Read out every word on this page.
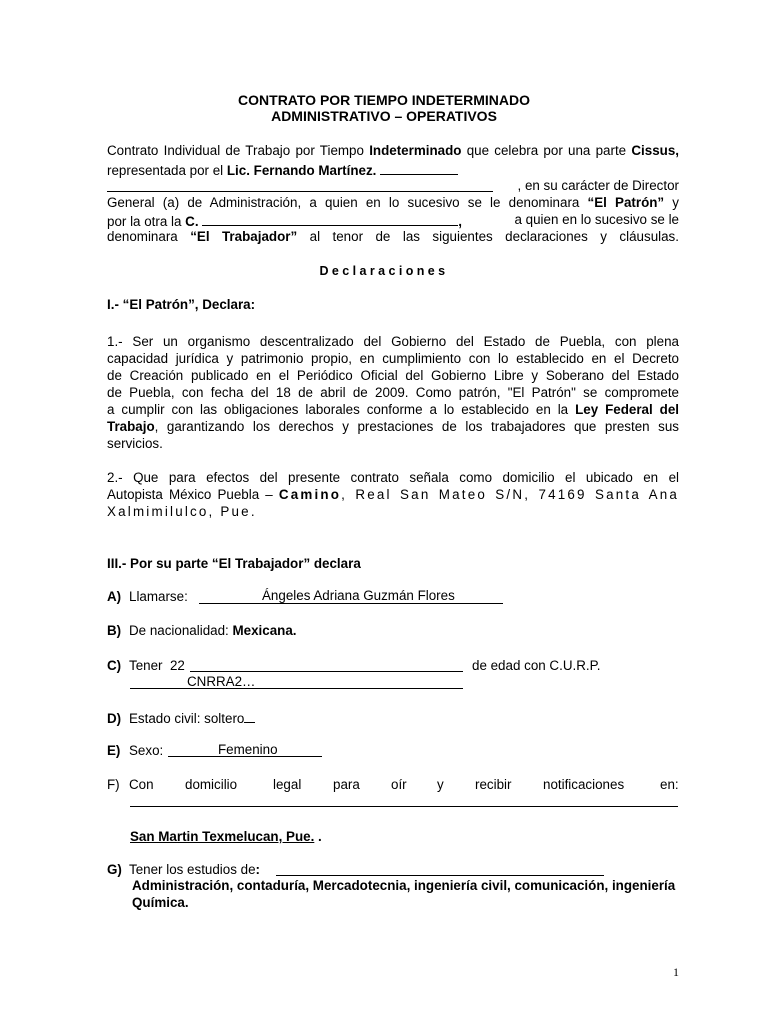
CONTRATO POR TIEMPO INDETERMINADO
ADMINISTRATIVO – OPERATIVOS
Contrato Individual de Trabajo por Tiempo Indeterminado que celebra por una parte Cissus,
representada por el Lic. Fernando Martínez.
, en su carácter de Director
General (a) de Administración, a quien en lo sucesivo se le denominara “El Patrón” y
por la otra la C.	,	a quien en lo sucesivo se le
denominara “El Trabajador” al tenor de las siguientes declaraciones y cláusulas.
Declaraciones
I.- “El Patrón”, Declara:
1.- Ser un organismo descentralizado del Gobierno del Estado de Puebla, con plena
capacidad jurídica y patrimonio propio, en cumplimiento con lo establecido en el Decreto
de Creación publicado en el Periódico Oficial del Gobierno Libre y Soberano del Estado
de Puebla, con fecha del 18 de abril de 2009. Como patrón, "El Patrón" se compromete
a cumplir con las obligaciones laborales conforme a lo establecido en la Ley Federal del
Trabajo, garantizando los derechos y prestaciones de los trabajadores que presten sus
servicios.
2.- Que para efectos del presente contrato señala como domicilio el ubicado en el
Autopista México Puebla – Camino, Real San Mateo S/N, 74169 Santa Ana
Xalmimilulco, Pue.
III.- Por su parte “El Trabajador” declara
A) Llamarse:	Ángeles Adriana Guzmán Flores
B) De nacionalidad: Mexicana.
C) Tener 22	de edad con C.U.R.P.
CNRRA2…
D) Estado civil: soltero
E) Sexo:	Femenino
F) Con domicilio	legal para oír y recibir notificaciones	en:
San Martin Texmelucan, Pue. .
G) Tener los estudios de:
Administración, contaduría, Mercadotecnia, ingeniería civil, comunicación, ingeniería
Química.
1
